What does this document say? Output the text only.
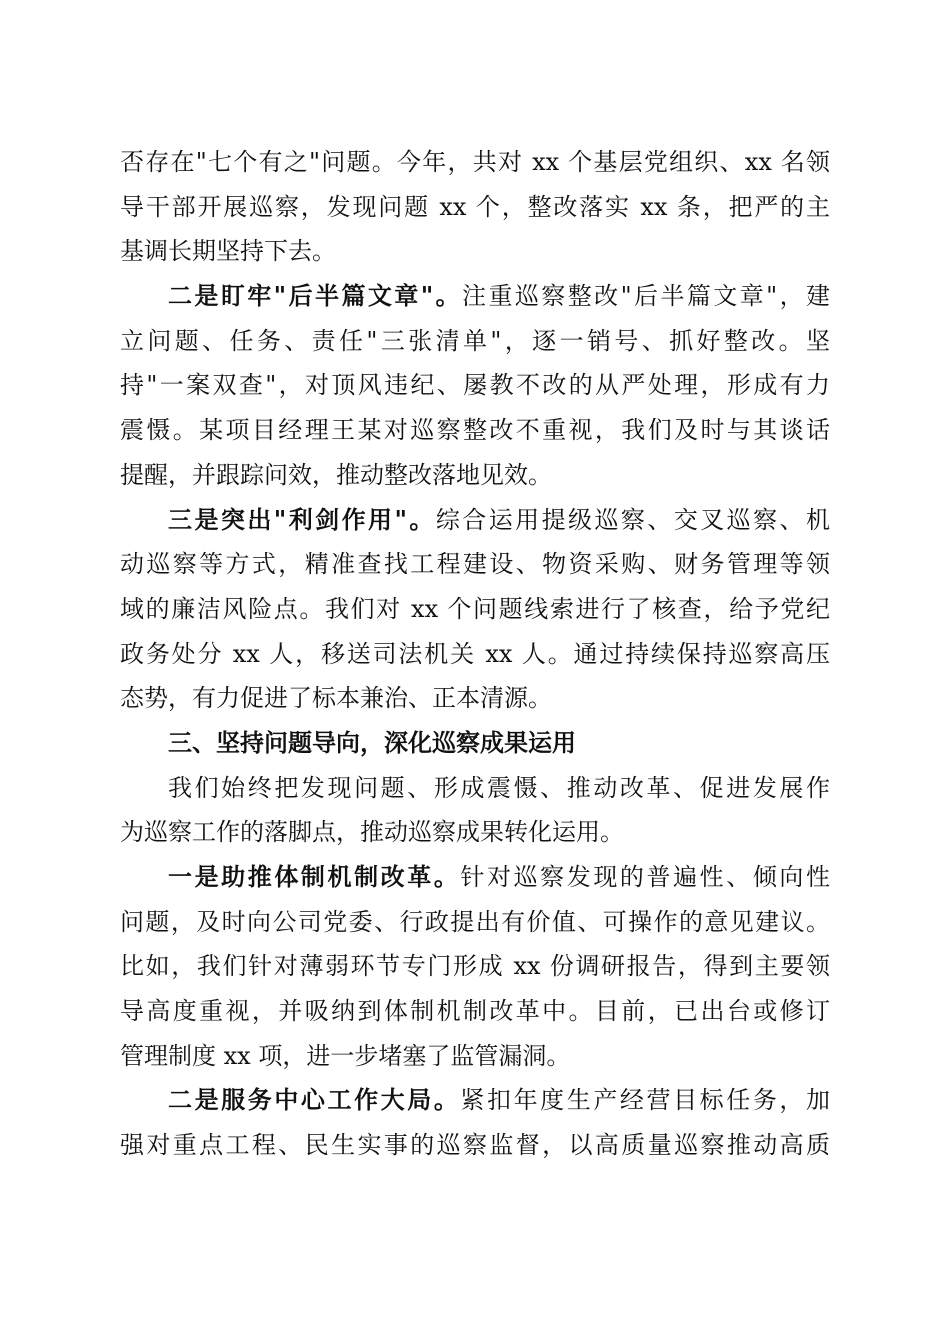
否存在"七个有之"问题。今年，共对 xx 个基层党组织、xx 名领
导干部开展巡察，发现问题 xx 个，整改落实 xx 条，把严的主
基调长期坚持下去。
二是盯牢"后半篇文章"。注重巡察整改"后半篇文章"，建
立问题、任务、责任"三张清单"，逐一销号、抓好整改。坚
持"一案双查"，对顶风违纪、屡教不改的从严处理，形成有力
震慑。某项目经理王某对巡察整改不重视，我们及时与其谈话
提醒，并跟踪问效，推动整改落地见效。
三是突出"利剑作用"。综合运用提级巡察、交叉巡察、机
动巡察等方式，精准查找工程建设、物资采购、财务管理等领
域的廉洁风险点。我们对 xx 个问题线索进行了核查，给予党纪
政务处分 xx 人，移送司法机关 xx 人。通过持续保持巡察高压
态势，有力促进了标本兼治、正本清源。
三、坚持问题导向，深化巡察成果运用
我们始终把发现问题、形成震慑、推动改革、促进发展作
为巡察工作的落脚点，推动巡察成果转化运用。
一是助推体制机制改革。针对巡察发现的普遍性、倾向性
问题，及时向公司党委、行政提出有价值、可操作的意见建议。
比如，我们针对薄弱环节专门形成 xx 份调研报告，得到主要领
导高度重视，并吸纳到体制机制改革中。目前，已出台或修订
管理制度 xx 项，进一步堵塞了监管漏洞。
二是服务中心工作大局。紧扣年度生产经营目标任务，加
强对重点工程、民生实事的巡察监督，以高质量巡察推动高质
